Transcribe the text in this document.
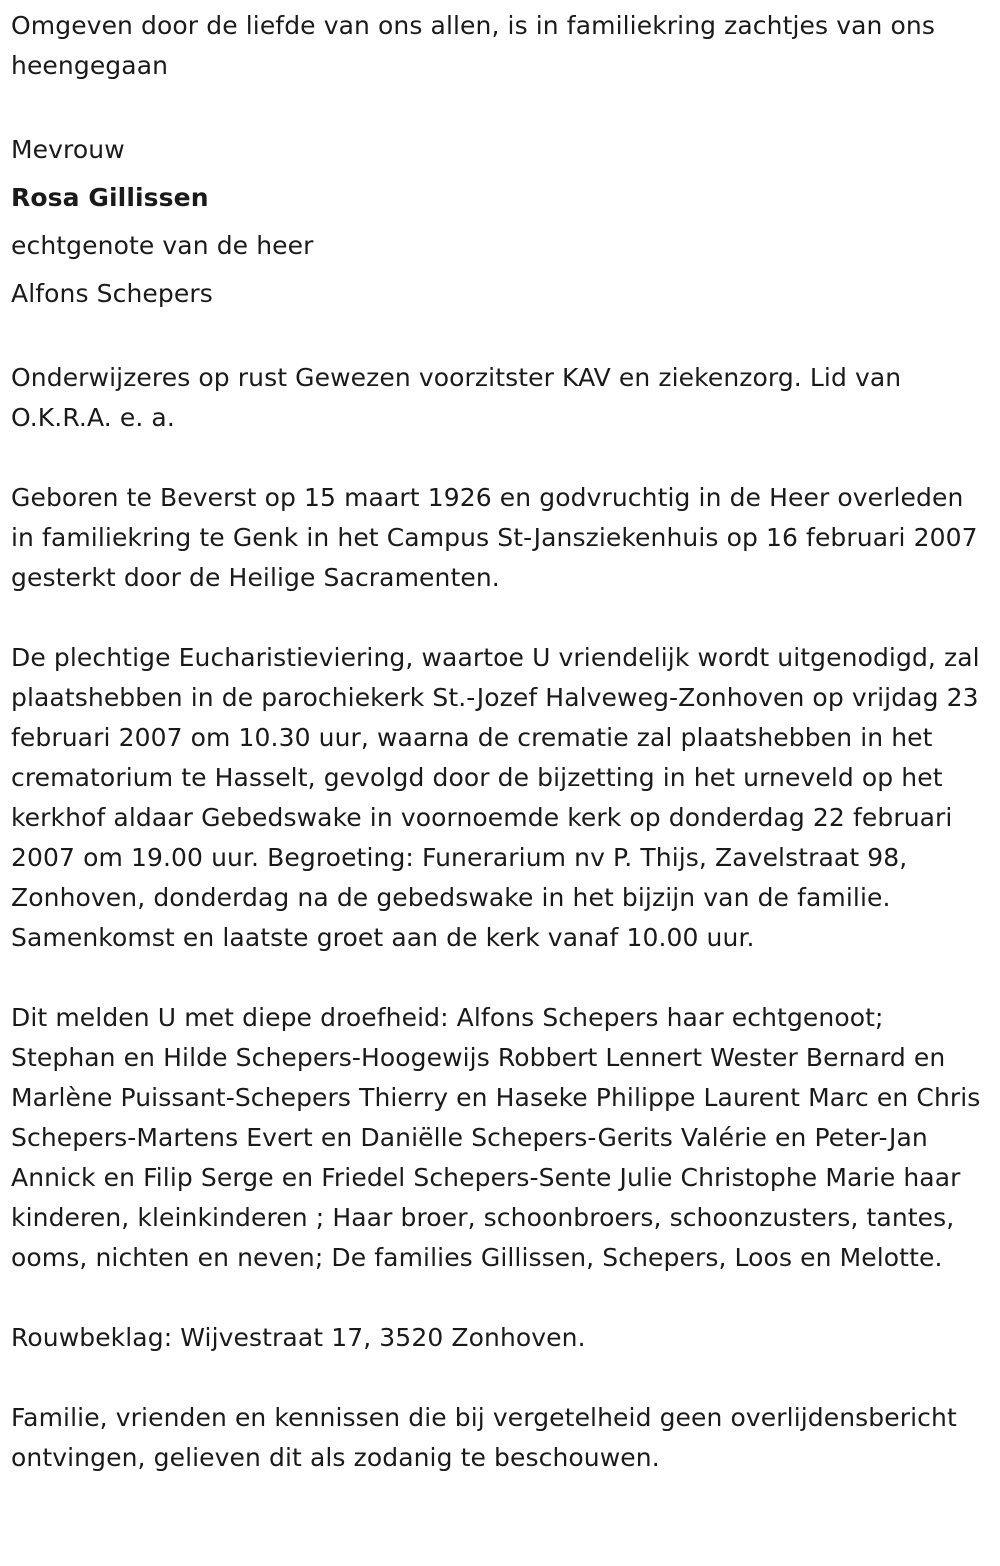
Omgeven door de liefde van ons allen, is in familiekring zachtjes van ons heengegaan

Mevrouw

Rosa Gillissen

echtgenote van de heer

Alfons Schepers

Onderwijzeres op rust Gewezen voorzitster KAV en ziekenzorg. Lid van O.K.R.A. e. a.

Geboren te Beverst op 15 maart 1926 en godvruchtig in de Heer overleden in familiekring te Genk in het Campus St-Jansziekenhuis op 16 februari 2007 gesterkt door de Heilige Sacramenten.

De plechtige Eucharistieviering, waartoe U vriendelijk wordt uitgenodigd, zal plaatshebben in de parochiekerk St.-Jozef Halveweg-Zonhoven op vrijdag 23 februari 2007 om 10.30 uur, waarna de crematie zal plaatshebben in het crematorium te Hasselt, gevolgd door de bijzetting in het urneveld op het kerkhof aldaar Gebedswake in voornoemde kerk op donderdag 22 februari 2007 om 19.00 uur. Begroeting: Funerarium nv P. Thijs, Zavelstraat 98, Zonhoven, donderdag na de gebedswake in het bijzijn van de familie. Samenkomst en laatste groet aan de kerk vanaf 10.00 uur.

Dit melden U met diepe droefheid: Alfons Schepers haar echtgenoot; Stephan en Hilde Schepers-Hoogewijs Robbert Lennert Wester Bernard en Marlène Puissant-Schepers Thierry en Haseke Philippe Laurent Marc en Chris Schepers-Martens Evert en Daniëlle Schepers-Gerits Valérie en Peter-Jan Annick en Filip Serge en Friedel Schepers-Sente Julie Christophe Marie haar kinderen, kleinkinderen ; Haar broer, schoonbroers, schoonzusters, tantes, ooms, nichten en neven; De families Gillissen, Schepers, Loos en Melotte.

Rouwbeklag: Wijvestraat 17, 3520 Zonhoven.

Familie, vrienden en kennissen die bij vergetelheid geen overlijdensbericht ontvingen, gelieven dit als zodanig te beschouwen.
